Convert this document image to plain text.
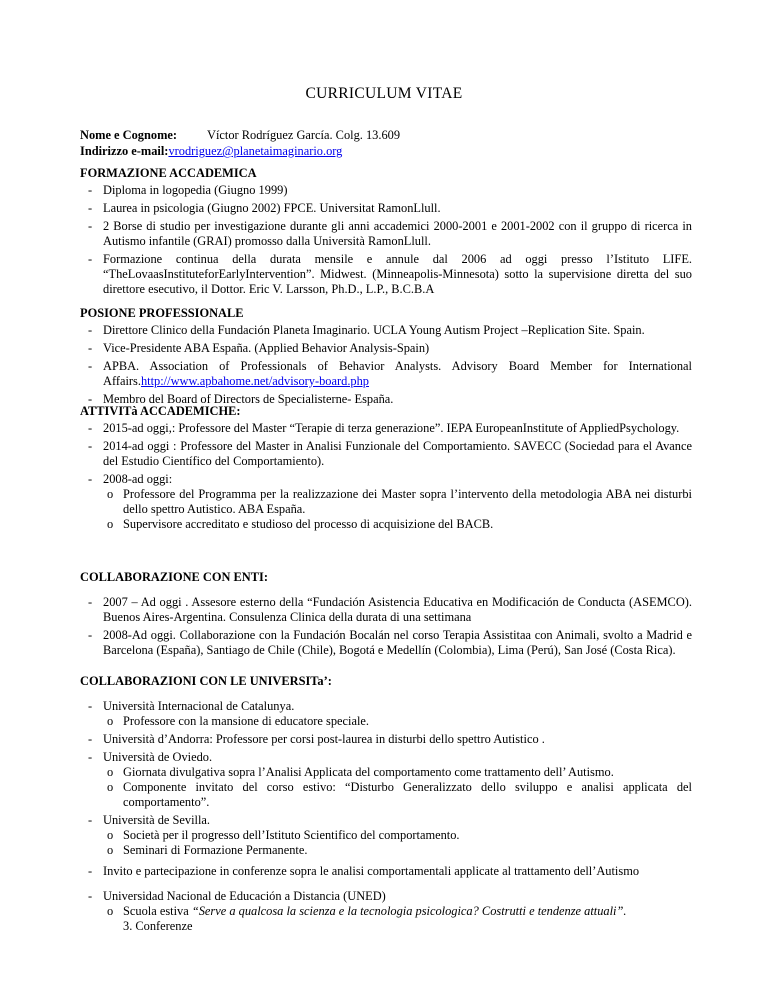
CURRICULUM VITAE
Nome e Cognome: Víctor Rodríguez García. Colg. 13.609
Indirizzo e-mail:vrodriguez@planetaimaginario.org
FORMAZIONE ACCADEMICA
- Diploma in logopedia (Giugno 1999)
- Laurea in psicologia (Giugno 2002) FPCE. Universitat RamonLlull.
- 2 Borse di studio per investigazione durante gli anni accademici 2000-2001 e 2001-2002 con il gruppo di ricerca in Autismo infantile (GRAI) promosso dalla Università RamonLlull.
- Formazione continua della durata mensile e annule dal 2006 ad oggi presso l’Istituto LIFE. “TheLovaasInstituteforEarlyIntervention”. Midwest. (Minneapolis-Minnesota) sotto la supervisione diretta del suo direttore esecutivo, il Dottor. Eric V. Larsson, Ph.D., L.P., B.C.B.A
POSIONE PROFESSIONALE
- Direttore Clinico della Fundación Planeta Imaginario. UCLA Young Autism Project –Replication Site. Spain.
- Vice-Presidente ABA España. (Applied Behavior Analysis-Spain)
- APBA. Association of Professionals of Behavior Analysts. Advisory Board Member for International Affairs.http://www.apbahome.net/advisory-board.php
- Membro del Board of Directors de Specialisterne- España.
ATTIVITà ACCADEMICHE:
- 2015-ad oggi,: Professore del Master “Terapie di terza generazione”. IEPA EuropeanInstitute of AppliedPsychology.
- 2014-ad oggi : Professore del Master in Analisi Funzionale del Comportamiento. SAVECC (Sociedad para el Avance del Estudio Científico del Comportamiento).
- 2008-ad oggi:
o Professore del Programma per la realizzazione dei Master sopra l’intervento della metodologia ABA nei disturbi dello spettro Autistico. ABA España.
o Supervisore accreditato e studioso del processo di acquisizione del BACB.
COLLABORAZIONE CON ENTI:
- 2007 – Ad oggi . Assesore esterno della “Fundación Asistencia Educativa en Modificación de Conducta (ASEMCO). Buenos Aires-Argentina. Consulenza Clinica della durata di una settimana
- 2008-Ad oggi. Collaborazione con la Fundación Bocalán nel corso Terapia Assistitaa con Animali, svolto a Madrid e Barcelona (España), Santiago de Chile (Chile), Bogotá e Medellín (Colombia), Lima (Perú), San José (Costa Rica).
COLLABORAZIONI CON LE UNIVERSITa’:
- Università Internacional de Catalunya.
o Professore con la mansione di educatore speciale.
- Università d’Andorra: Professore per corsi post-laurea in disturbi dello spettro Autistico .
- Università de Oviedo.
o Giornata divulgativa sopra l’Analisi Applicata del comportamento come trattamento dell’ Autismo.
o Componente invitato del corso estivo: “Disturbo Generalizzato dello sviluppo e analisi applicata del comportamento”.
- Università de Sevilla.
o Società per il progresso dell’Istituto Scientifico del comportamento.
o Seminari di Formazione Permanente.
- Invito e partecipazione in conferenze sopra le analisi comportamentali applicate al trattamento dell’Autismo
- Universidad Nacional de Educación a Distancia (UNED)
o Scuola estiva “Serve a qualcosa la scienza e la tecnologia psicologica? Costrutti e tendenze attuali”.
3. Conferenze
